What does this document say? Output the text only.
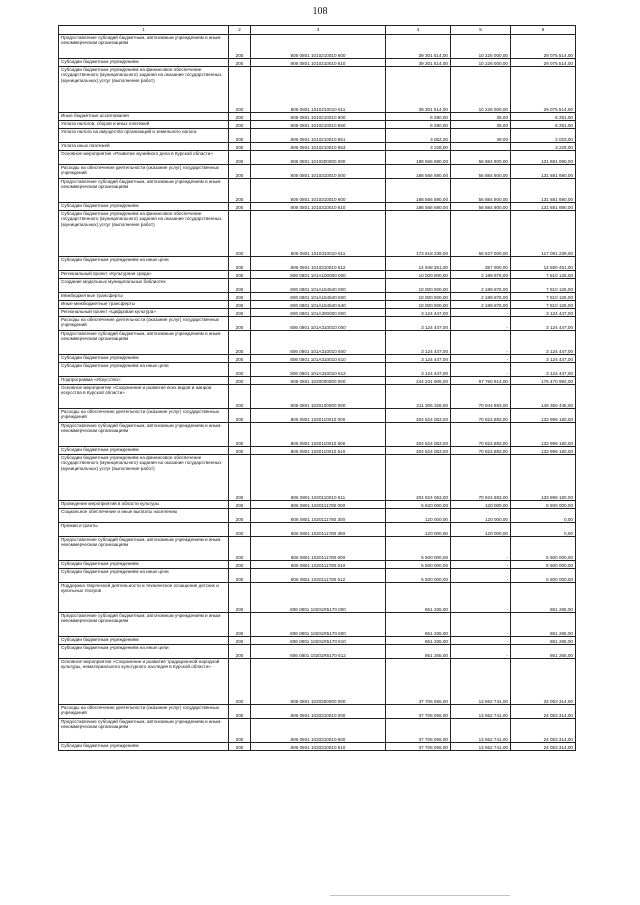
108
1	2	3	4	5	6
Предоставление субсидий бюджетным, автономным учреждениям и иным некоммерческим организациям	200	806 0801 1010210010 600	39 301 514,00	10 226 000,00	29 075 514,00
Субсидии бюджетным учреждениям	200	806 0801 1010210010 610	39 301 514,00	10 226 000,00	29 075 514,00
Субсидии бюджетным учреждениям на финансовое обеспечение государственного (муниципального) задания на оказание государственных (муниципальных) услуг (выполнение работ)	200	806 0801 1010210010 611	39 301 514,00	10 226 000,00	29 075 514,00
Иные бюджетные ассигнования	200	806 0801 1010210010 800	6 290,00	39,00	6 251,00
Уплата налогов, сборов и иных платежей	200	806 0801 1010210010 850	6 290,00	39,00	6 251,00
Уплата налога на имущество организаций и земельного налога	200	806 0801 1010210010 851	3 062,00	39,00	3 023,00
Уплата иных платежей	200	806 0801 1010210010 853	3 228,00		3 228,00
Основное мероприятие «Развитие музейного дела в Курской области»	200	806 0801 1010300000 000	188 566 590,00	56 884 900,00	131 681 690,00
Расходы на обеспечение деятельности (оказание услуг) государственных учреждений	200	806 0801 1010310010 000	188 566 590,00	56 884 900,00	131 681 690,00
Предоставление субсидий бюджетным, автономным учреждениям и иным некоммерческим организациям	200	806 0801 1010310010 600	188 566 590,00	56 884 900,00	131 681 690,00
Субсидии бюджетным учреждениям	200	806 0801 1010310010 610	188 566 590,00	56 884 900,00	131 681 690,00
Субсидии бюджетным учреждениям на финансовое обеспечение государственного (муниципального) задания на оказание государственных (муниципальных) услуг (выполнение работ)	200	806 0801 1010310010 611	173 618 239,00	56 527 000,00	117 091 239,00
Субсидии бюджетным учреждениям на иные цели	200	806 0801 1010310010 612	14 948 351,00	357 900,00	14 590 451,00
Региональный проект «Культурная среда»	200	806 0801 101A100000 000	10 000 000,00	2 189 875,00	7 810 125,00
Создание модельных муниципальных библиотек	200	806 0801 101A154540 000	10 000 000,00	2 189 875,00	7 810 125,00
Межбюджетные трансферты	200	806 0801 101A154540 500	10 000 000,00	2 189 875,00	7 810 125,00
Иные межбюджетные трансферты	200	806 0801 101A154540 540	10 000 000,00	2 189 875,00	7 810 125,00
Региональный проект «Цифровая культура»	200	806 0801 101A300000 000	3 124 447,00	-	3 124 447,00
Расходы на обеспечение деятельности (оказание услуг) государственных учреждений	200	806 0801 101A310010 000	3 124 447,00	-	3 124 447,00
Предоставление субсидий бюджетным, автономным учреждениям и иным некоммерческим организациям	200	806 0801 101A310010 600	3 124 447,00	-	3 124 447,00
Субсидии бюджетным учреждениям	200	806 0801 101A310010 610	3 124 447,00	-	3 124 447,00
Субсидии бюджетным учреждениям на иные цели	200	806 0801 101A310010 612	3 124 447,00	-	3 124 447,00
Подпрограмма «Искусство»	200	806 0801 1020000000 000	244 231 906,00	67 760 914,00	176 470 992,00
Основное мероприятие «Сохранение и развитие всех видов и жанров искусства в Курской области»	200	806 0801 1020100000 000	211 305 328,00	70 944 883,00	140 360 445,00
Расходы на обеспечение деятельности (оказание услуг) государственных учреждений	200	806 0801 1020110010 000	204 824 063,00	70 824 883,00	133 999 180,00
Предоставление субсидий бюджетным, автономным учреждениям и иным некоммерческим организациям	200	806 0801 1020110010 600	204 824 063,00	70 824 883,00	133 999 180,00
Субсидии бюджетным учреждениям	200	806 0801 1020110010 610	204 824 063,00	70 824 883,00	133 999 180,00
Субсидии бюджетным учреждениям на финансовое обеспечение государственного (муниципального) задания на оказание государственных (муниципальных) услуг (выполнение работ)	200	806 0801 1020110010 611	204 824 063,00	70 824 883,00	133 999 180,00
Проведение мероприятий в области культуры	200	806 0801 1020111780 000	5 620 000,00	120 000,00	5 500 000,00
Социальное обеспечение и иные выплаты населению	200	806 0801 1020111780 300	120 000,00	120 000,00	0,00
Премии и гранты	200	806 0801 1020111780 350	120 000,00	120 000,00	0,00
Предоставление субсидий бюджетным, автономным учреждениям и иным некоммерческим организациям	200	806 0801 1020111780 600	5 500 000,00	-	5 500 000,00
Субсидии бюджетным учреждениям	200	806 0801 1020111780 610	5 500 000,00	-	5 500 000,00
Субсидии бюджетным учреждениям на иные цели	200	806 0801 1020111780 612	5 500 000,00	-	5 500 000,00
Поддержка творческой деятельности и техническое оснащение детских и кукольных театров	200	806 0801 10201R5170 000	861 265,00	-	861 265,00
Предоставление субсидий бюджетным, автономным учреждениям и иным некоммерческим организациям	200	806 0801 10201R5170 600	861 265,00	-	861 265,00
Субсидии бюджетным учреждениям	200	806 0801 10201R5170 610	861 265,00	-	861 265,00
Субсидии бюджетным учреждениям на иные цели	200	806 0801 10201R5170 612	861 265,00	-	861 265,00
Основное мероприятие «Сохранение и развитие традиционной народной культуры, нематериального культурного наследия в Курской области»	200	806 0801 1020300000 000	37 706 055,00	13 652 741,00	24 053 314,00
Расходы на обеспечение деятельности (оказание услуг) государственных учреждений	200	806 0801 1020310010 000	37 706 055,00	13 652 741,00	24 053 314,00
Предоставление субсидий бюджетным, автономным учреждениям и иным некоммерческим организациям	200	806 0801 1020310010 600	37 706 055,00	13 652 741,00	24 053 314,00
Субсидии бюджетным учреждениям	200	806 0801 1020310010 610	37 706 055,00	13 652 741,00	24 053 314,00
